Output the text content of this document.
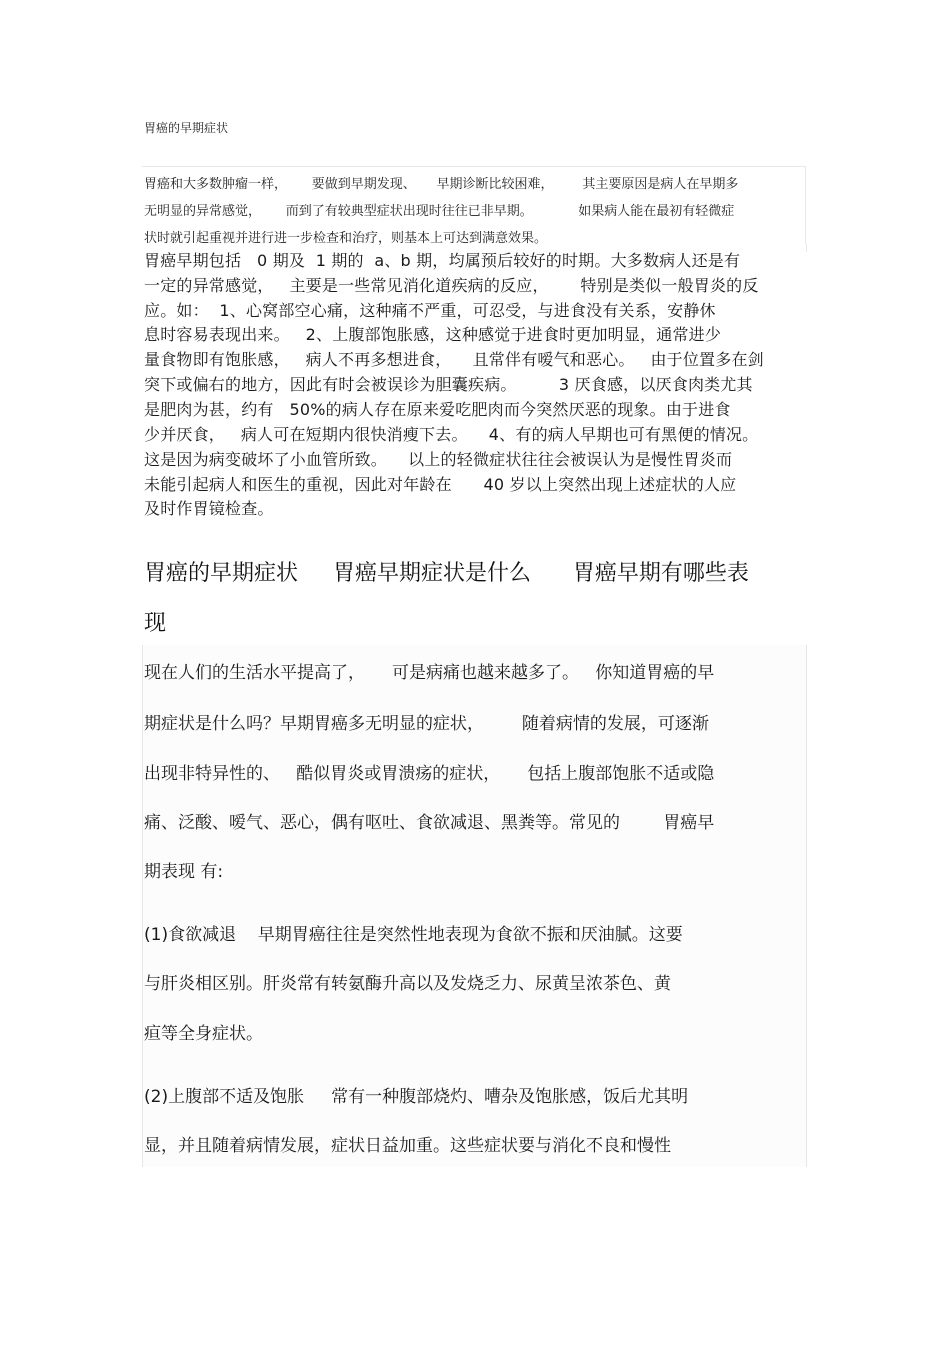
胃癌的早期症状
胃癌和大多数肿瘤一样，      要做到早期发现、     早期诊断比较困难，       其主要原因是病人在早期多
无明显的异常感觉，      而到了有较典型症状出现时往往已非早期。           如果病人能在最初有轻微症
状时就引起重视并进行进一步检查和治疗，则基本上可达到满意效果。
胃癌早期包括   0 期及  1 期的  a、b 期，均属预后较好的时期。大多数病人还是有
一定的异常感觉，   主要是一些常见消化道疾病的反应，      特别是类似一般胃炎的反
应。如：  1、心窝部空心痛，这种痛不严重，可忍受，与进食没有关系，安静休
息时容易表现出来。   2、上腹部饱胀感，这种感觉于进食时更加明显，通常进少
量食物即有饱胀感，   病人不再多想进食，    且常伴有嗳气和恶心。   由于位置多在剑
突下或偏右的地方，因此有时会被误诊为胆囊疾病。        3 厌食感，以厌食肉类尤其
是肥肉为甚，约有   50%的病人存在原来爱吃肥肉而今突然厌恶的现象。由于进食
少并厌食，   病人可在短期内很快消瘦下去。    4、有的病人早期也可有黑便的情况。
这是因为病变破坏了小血管所致。    以上的轻微症状往往会被误认为是慢性胃炎而
未能引起病人和医生的重视，因此对年龄在      40 岁以上突然出现上述症状的人应
及时作胃镜检查。
胃癌的早期症状     胃癌早期症状是什么      胃癌早期有哪些表
现
现在人们的生活水平提高了，     可是病痛也越来越多了。   你知道胃癌的早
期症状是什么吗？早期胃癌多无明显的症状，       随着病情的发展，可逐渐
出现非特异性的、   酷似胃炎或胃溃疡的症状，     包括上腹部饱胀不适或隐
痛、泛酸、嗳气、恶心，偶有呕吐、食欲减退、黑粪等。常见的        胃癌早
期表现 有:
(1)食欲减退    早期胃癌往往是突然性地表现为食欲不振和厌油腻。这要
与肝炎相区别。肝炎常有转氨酶升高以及发烧乏力、尿黄呈浓茶色、黄
疸等全身症状。
(2)上腹部不适及饱胀     常有一种腹部烧灼、嘈杂及饱胀感，饭后尤其明
显，并且随着病情发展，症状日益加重。这些症状要与消化不良和慢性
